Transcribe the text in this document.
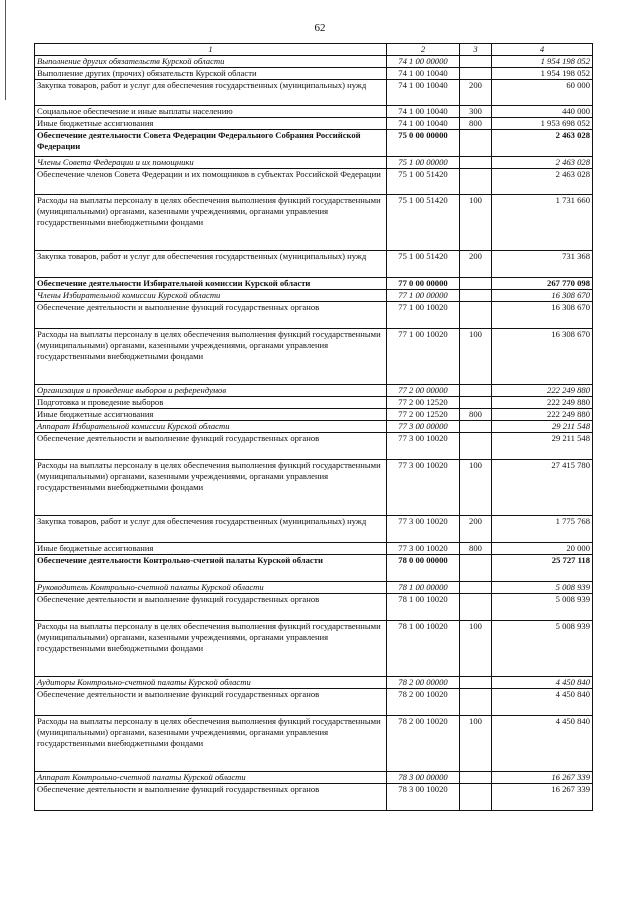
62
1	2	3	4
Выполнение других обязательств Курской области	74 1 00 00000		1 954 198 052
Выполнение других (прочих) обязательств Курской области	74 1 00 10040		1 954 198 052
Закупка товаров, работ и услуг для обеспечения государственных (муниципальных) нужд	74 1 00 10040	200	60 000
Социальное обеспечение и иные выплаты населению	74 1 00 10040	300	440 000
Иные бюджетные ассигнования	74 1 00 10040	800	1 953 698 052
Обеспечение деятельности Совета Федерации Федерального Собрания Российской Федерации	75 0 00 00000		2 463 028
Члены Совета Федерации и их помощники	75 1 00 00000		2 463 028
Обеспечение членов Совета Федерации и их помощников в субъектах Российской Федерации	75 1 00 51420		2 463 028
Расходы на выплаты персоналу в целях обеспечения выполнения функций государственными (муниципальными) органами, казенными учреждениями, органами управления государственными внебюджетными фондами	75 1 00 51420	100	1 731 660
Закупка товаров, работ и услуг для обеспечения государственных (муниципальных) нужд	75 1 00 51420	200	731 368
Обеспечение деятельности Избирательной комиссии Курской области	77 0 00 00000		267 770 098
Члены Избирательной комиссии Курской области	77 1 00 00000		16 308 670
Обеспечение деятельности и выполнение функций государственных органов	77 1 00 10020		16 308 670
Расходы на выплаты персоналу в целях обеспечения выполнения функций государственными (муниципальными) органами, казенными учреждениями, органами управления государственными внебюджетными фондами	77 1 00 10020	100	16 308 670
Организация и проведение выборов и референдумов	77 2 00 00000		222 249 880
Подготовка и проведение выборов	77 2 00 12520		222 249 880
Иные бюджетные ассигнования	77 2 00 12520	800	222 249 880
Аппарат Избирательной комиссии Курской области	77 3 00 00000		29 211 548
Обеспечение деятельности и выполнение функций государственных органов	77 3 00 10020		29 211 548
Расходы на выплаты персоналу в целях обеспечения выполнения функций государственными (муниципальными) органами, казенными учреждениями, органами управления государственными внебюджетными фондами	77 3 00 10020	100	27 415 780
Закупка товаров, работ и услуг для обеспечения государственных (муниципальных) нужд	77 3 00 10020	200	1 775 768
Иные бюджетные ассигнования	77 3 00 10020	800	20 000
Обеспечение деятельности Контрольно-счетной палаты Курской области	78 0 00 00000		25 727 118
Руководитель Контрольно-счетной палаты Курской области	78 1 00 00000		5 008 939
Обеспечение деятельности и выполнение функций государственных органов	78 1 00 10020		5 008 939
Расходы на выплаты персоналу в целях обеспечения выполнения функций государственными (муниципальными) органами, казенными учреждениями, органами управления государственными внебюджетными фондами	78 1 00 10020	100	5 008 939
Аудиторы Контрольно-счетной палаты Курской области	78 2 00 00000		4 450 840
Обеспечение деятельности и выполнение функций государственных органов	78 2 00 10020		4 450 840
Расходы на выплаты персоналу в целях обеспечения выполнения функций государственными (муниципальными) органами, казенными учреждениями, органами управления государственными внебюджетными фондами	78 2 00 10020	100	4 450 840
Аппарат Контрольно-счетной палаты Курской области	78 3 00 00000		16 267 339
Обеспечение деятельности и выполнение функций государственных органов	78 3 00 10020		16 267 339
